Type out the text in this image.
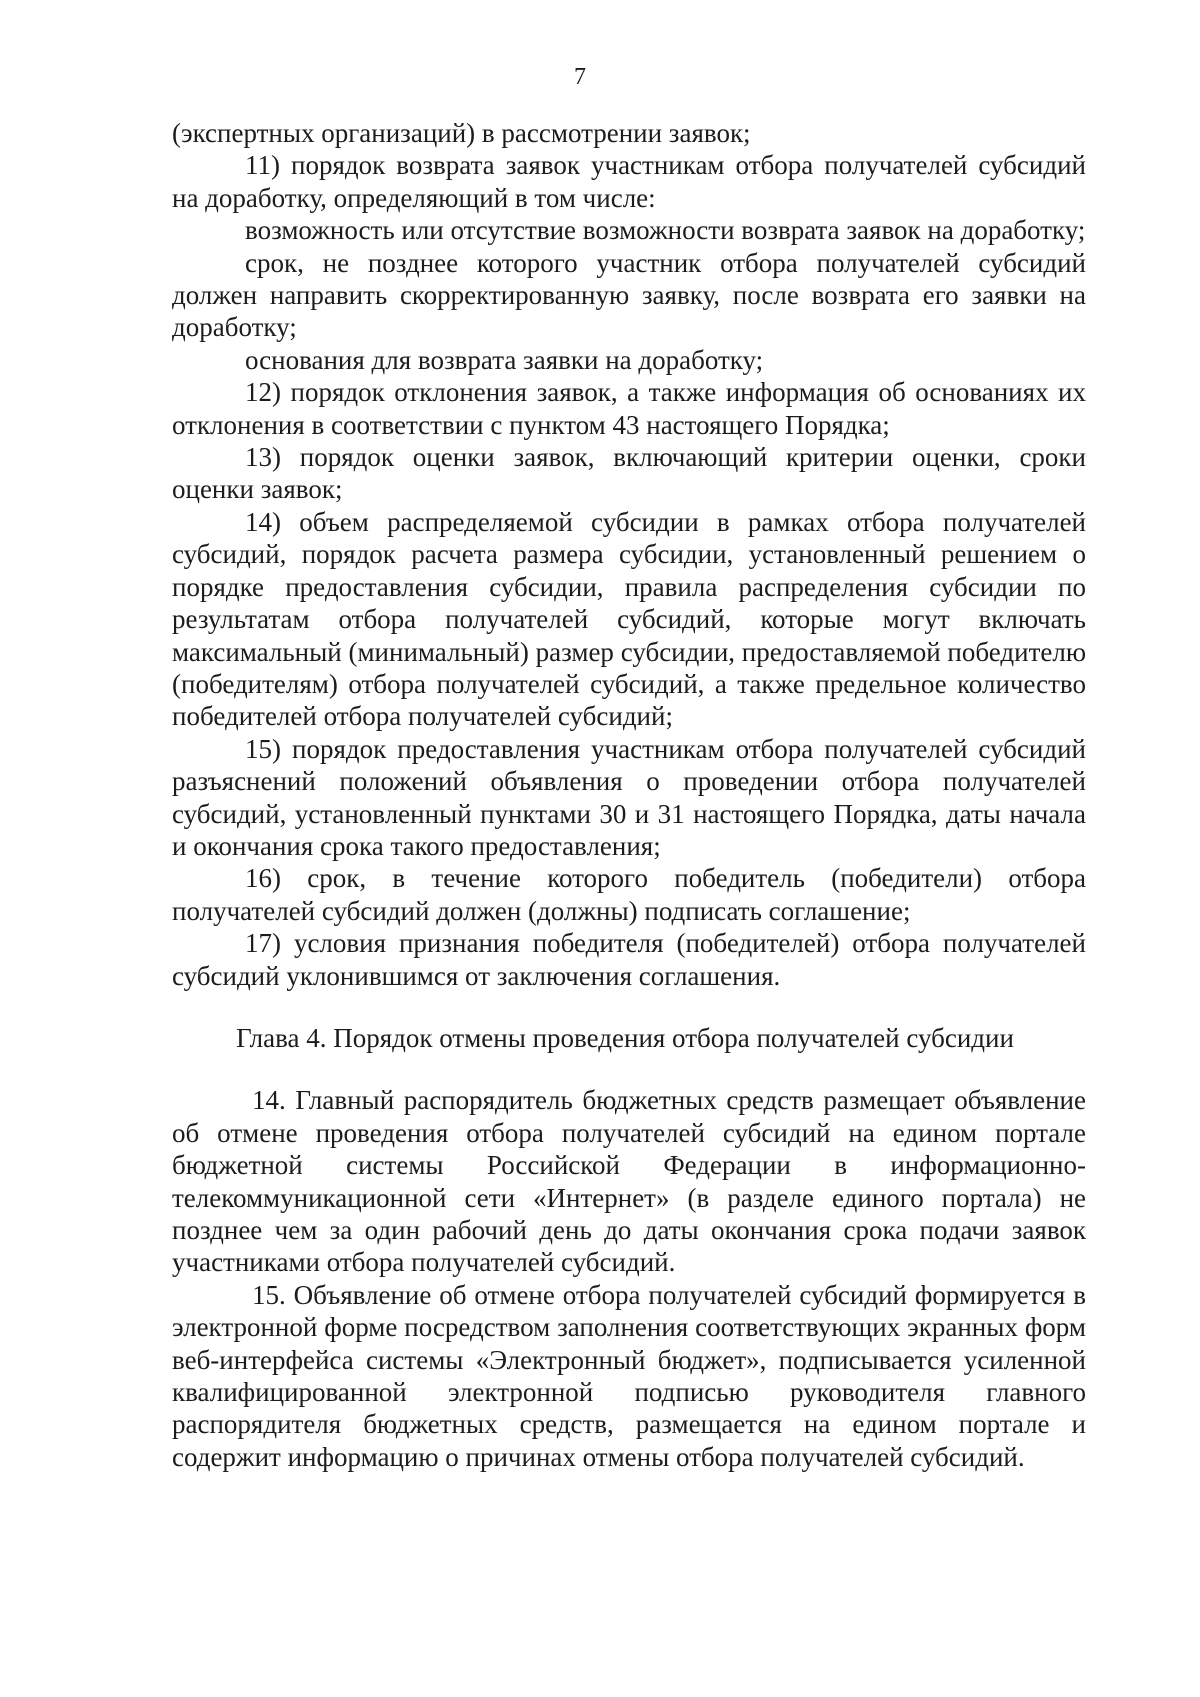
7

(экспертных организаций) в рассмотрении заявок;

11) порядок возврата заявок участникам отбора получателей субсидий на доработку, определяющий в том числе:

возможность или отсутствие возможности возврата заявок на доработку;

срок, не позднее которого участник отбора получателей субсидий должен направить скорректированную заявку, после возврата его заявки на доработку;

основания для возврата заявки на доработку;

12) порядок отклонения заявок, а также информация об основаниях их отклонения в соответствии с пунктом 43 настоящего Порядка;

13) порядок оценки заявок, включающий критерии оценки, сроки оценки заявок;

14) объем распределяемой субсидии в рамках отбора получателей субсидий, порядок расчета размера субсидии, установленный решением о порядке предоставления субсидии, правила распределения субсидии по результатам отбора получателей субсидий, которые могут включать максимальный (минимальный) размер субсидии, предоставляемой победителю (победителям) отбора получателей субсидий, а также предельное количество победителей отбора получателей субсидий;

15) порядок предоставления участникам отбора получателей субсидий разъяснений положений объявления о проведении отбора получателей субсидий, установленный пунктами 30 и 31 настоящего Порядка, даты начала и окончания срока такого предоставления;

16) срок, в течение которого победитель (победители) отбора получателей субсидий должен (должны) подписать соглашение;

17) условия признания победителя (победителей) отбора получателей субсидий уклонившимся от заключения соглашения.

Глава 4. Порядок отмены проведения отбора получателей субсидии

14. Главный распорядитель бюджетных средств размещает объявление об отмене проведения отбора получателей субсидий на едином портале бюджетной системы Российской Федерации в информационно-телекоммуникационной сети «Интернет» (в разделе единого портала) не позднее чем за один рабочий день до даты окончания срока подачи заявок участниками отбора получателей субсидий.

15. Объявление об отмене отбора получателей субсидий формируется в электронной форме посредством заполнения соответствующих экранных форм веб-интерфейса системы «Электронный бюджет», подписывается усиленной квалифицированной электронной подписью руководителя главного распорядителя бюджетных средств, размещается на едином портале и содержит информацию о причинах отмены отбора получателей субсидий.
